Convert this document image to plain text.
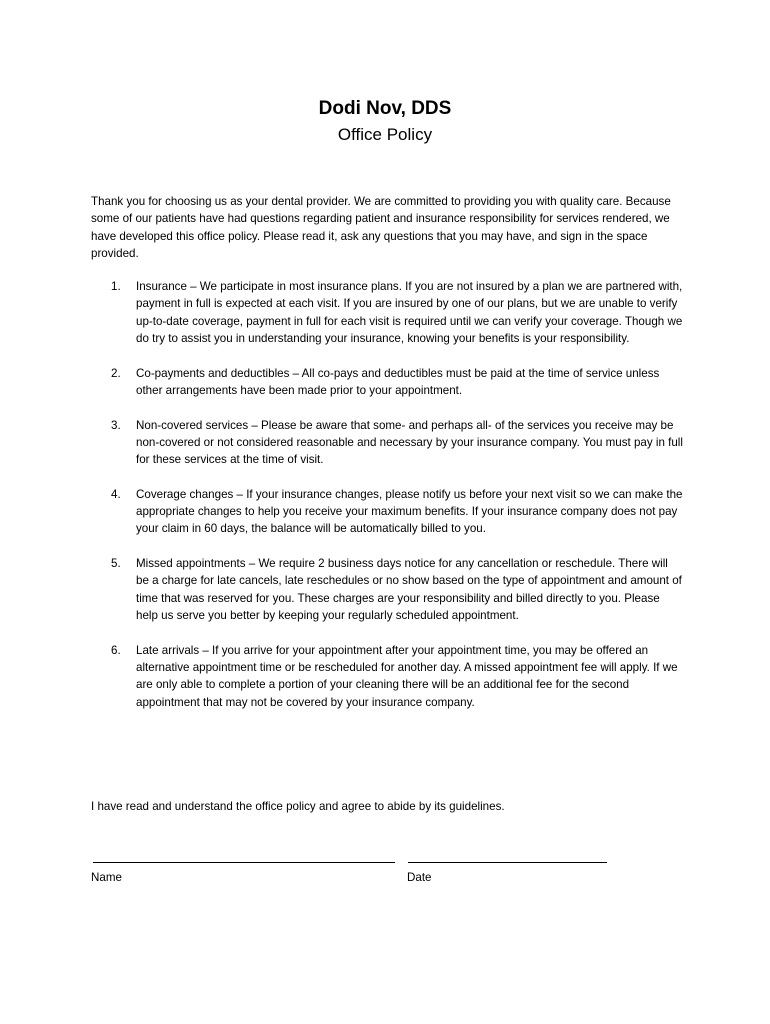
Dodi Nov, DDS
Office Policy
Thank you for choosing us as your dental provider. We are committed to providing you with quality care. Because some of our patients have had questions regarding patient and insurance responsibility for services rendered, we have developed this office policy. Please read it, ask any questions that you may have, and sign in the space provided.
1. Insurance – We participate in most insurance plans. If you are not insured by a plan we are partnered with, payment in full is expected at each visit. If you are insured by one of our plans, but we are unable to verify up-to-date coverage, payment in full for each visit is required until we can verify your coverage. Though we do try to assist you in understanding your insurance, knowing your benefits is your responsibility.
2. Co-payments and deductibles – All co-pays and deductibles must be paid at the time of service unless other arrangements have been made prior to your appointment.
3. Non-covered services – Please be aware that some- and perhaps all- of the services you receive may be non-covered or not considered reasonable and necessary by your insurance company. You must pay in full for these services at the time of visit.
4. Coverage changes – If your insurance changes, please notify us before your next visit so we can make the appropriate changes to help you receive your maximum benefits. If your insurance company does not pay your claim in 60 days, the balance will be automatically billed to you.
5. Missed appointments – We require 2 business days notice for any cancellation or reschedule. There will be a charge for late cancels, late reschedules or no show based on the type of appointment and amount of time that was reserved for you. These charges are your responsibility and billed directly to you. Please help us serve you better by keeping your regularly scheduled appointment.
6. Late arrivals – If you arrive for your appointment after your appointment time, you may be offered an alternative appointment time or be rescheduled for another day. A missed appointment fee will apply. If we are only able to complete a portion of your cleaning there will be an additional fee for the second appointment that may not be covered by your insurance company.
I have read and understand the office policy and agree to abide by its guidelines.
Name	Date
